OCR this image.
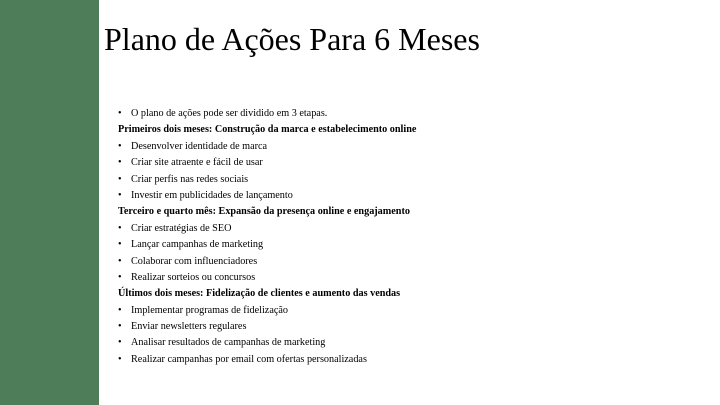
Plano de Ações Para 6 Meses
• O plano de ações pode ser dividido em 3 etapas.
Primeiros dois meses: Construção da marca e estabelecimento online
• Desenvolver identidade de marca
• Criar site atraente e fácil de usar
• Criar perfis nas redes sociais
• Investir em publicidades de lançamento
Terceiro e quarto mês: Expansão da presença online e engajamento
• Criar estratégias de SEO
• Lançar campanhas de marketing
• Colaborar com influenciadores
• Realizar sorteios ou concursos
Últimos dois meses: Fidelização de clientes e aumento das vendas
• Implementar programas de fidelização
• Enviar newsletters regulares
• Analisar resultados de campanhas de marketing
• Realizar campanhas por email com ofertas personalizadas
